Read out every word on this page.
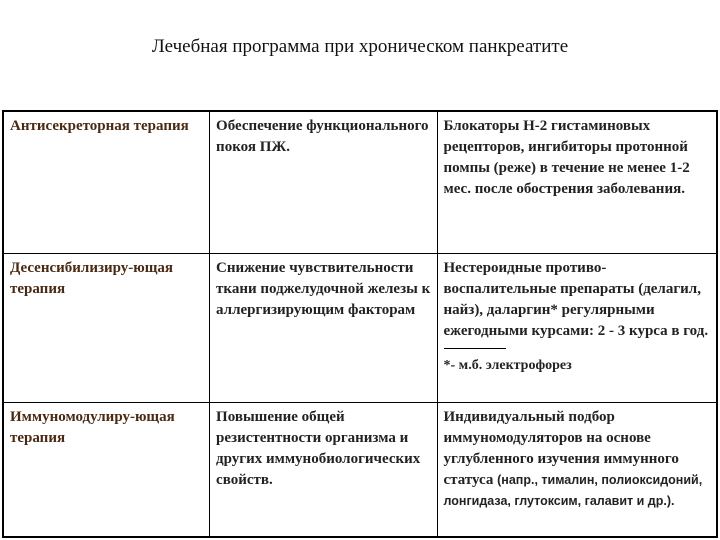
Лечебная программа при хроническом панкреатите
Антисекреторная терапия	Обеспечение функционального покоя ПЖ.	Блокаторы Н-2 гистаминовых рецепторов, ингибиторы протонной помпы (реже) в течение не менее 1-2 мес. после обострения заболевания.
Десенсибилизиру-ющая терапия	Снижение чувствительности ткани поджелудочной железы к аллергизирующим факторам	Нестероидные противо-воспалительные препараты (делагил, найз), даларгин* регулярными ежегодными курсами: 2 - 3 курса в год.
*- м.б. электрофорез

Иммуномодулиру-ющая терапия	Повышение общей резистентности организма и других иммунобиологических свойств.	Индивидуальный подбор иммуномодуляторов на основе углубленного изучения иммунного статуса (напр., тималин, полиоксидоний, лонгидаза, глутоксим, галавит и др.).
